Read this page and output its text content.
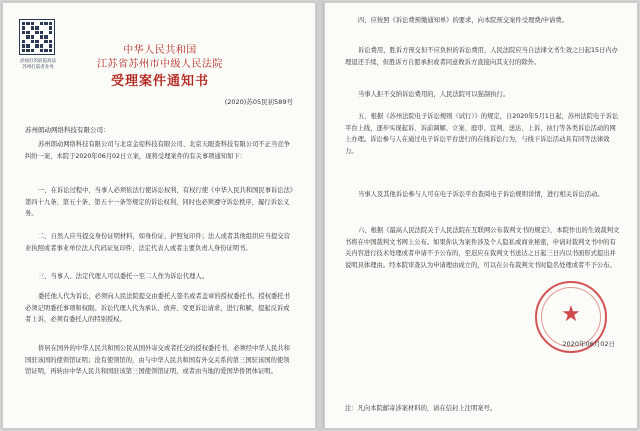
添加打的前提高法
苏州打前者业务
中华人民共和国
江苏省苏州市中级人民法院
受理案件通知书
(2020)苏05民初589号
苏州朗动网络科技有限公司：

苏州朗动网络科技有限公司与北京金堤科技有限公司、北京天眼查科技有限公司不正当竞争纠纷一案，本院于2020年06月02日立案，现将受理案件的有关事项通知如下：

一、在诉讼过程中，当事人必须依法行使诉讼权利，有权行使《中华人民共和国民事诉讼法》第四十九条、第五十条、第五十一条等规定的诉讼权利，同时也必须遵守诉讼秩序，履行诉讼义务。

二、自然人应当提交身份证明材料，如身份证、护照复印件；法人或者其他组织应当提交营业执照或者事业单位法人代码证复印件、法定代表人或者主要负责人身份证明书。

三、当事人、法定代理人可以委托一至二人作为诉讼代理人。

委托他人代为诉讼，必须向人民法院提交由委托人签名或者盖章的授权委托书。授权委托书必须记明委托事项和权限。诉讼代理人代为承认、放弃、变更诉讼请求，进行和解，提起反诉或者上诉，必须有委托人的特别授权。

侨居在国外的中华人民共和国公民从国外寄交或者托交的授权委托书，必须经中华人民共和国驻该国的使领馆证明；没有使领馆的，由与中华人民共和国有外交关系的第三国驻该国的使领馆证明，再转由中华人民共和国驻该第三国使领馆证明，或者由当地的爱国华侨团体证明。

四、应按照《诉讼费预缴通知单》的要求，向本院预交案件受理费/申请费。

诉讼费用，胜诉方预交但不应负担的诉讼费用，人民法院应当自法律文书生效之日起15日内办理退还手续，但胜诉方自愿承担或者同意败诉方直接向其支付的除外。

当事人拒不交纳诉讼费用的，人民法院可以强制执行。

五、根据《苏州法院电子诉讼规则（试行）》的规定，自2020年5月1日起，苏州法院电子诉讼平台上线，逐步实现起诉、诉前调解、立案、庭审、宣判、送达、上诉、执行等各类诉讼活动的网上办理。诉讼参与人在通过电子诉讼平台进行的在线诉讼行为，与线下诉讼活动具有同等法律效力。

当事人及其他诉讼参与人可在电子诉讼平台查阅电子诉讼规则详情，进行相关诉讼活动。

六、根据《最高人民法院关于人民法院在互联网公布裁判文书的规定》，本院作出的生效裁判文书将在中国裁判文书网上公布。如果你认为案件涉及个人隐私或商业秘密，申请对裁判文书中的有关内容进行技术处理或者申请不予公布的，至迟应在裁判文书送达之日起三日内以书面形式提出并说明具体理由。经本院审查认为申请理由成立的，可以在公布裁判文书时隐名处理或者不予公布。

★
2020年06月02日
注：凡向本院邮寄涉案材料的，请在信封上注明案号。
